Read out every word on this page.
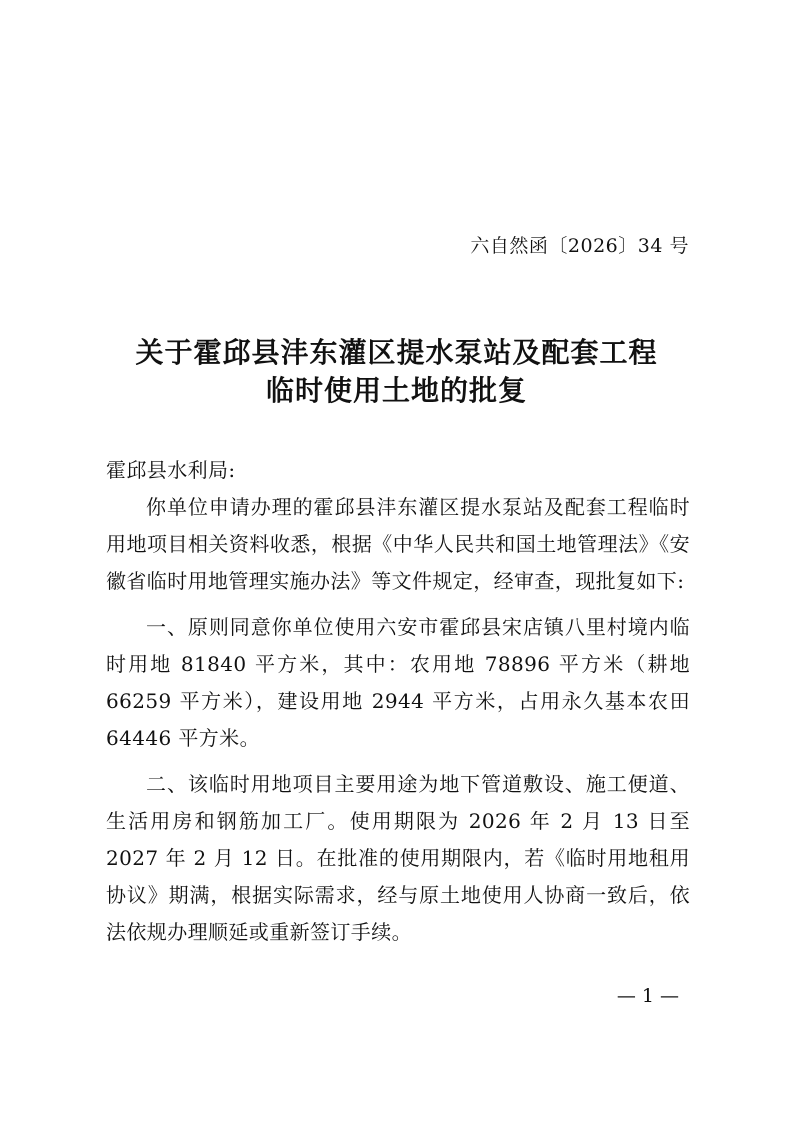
六自然函〔2026〕34 号
关于霍邱县沣东灌区提水泵站及配套工程
临时使用土地的批复

霍邱县水利局:

你单位申请办理的霍邱县沣东灌区提水泵站及配套工程临时用地项目相关资料收悉，根据《中华人民共和国土地管理法》《安徽省临时用地管理实施办法》等文件规定，经审查，现批复如下:

一、原则同意你单位使用六安市霍邱县宋店镇八里村境内临时用地 81840 平方米，其中：农用地 78896 平方米（耕地 66259 平方米），建设用地 2944 平方米，占用永久基本农田 64446 平方米。

二、该临时用地项目主要用途为地下管道敷设、施工便道、生活用房和钢筋加工厂。使用期限为 2026 年 2 月 13 日至 2027 年 2 月 12 日。在批准的使用期限内，若《临时用地租用协议》期满，根据实际需求，经与原土地使用人协商一致后，依法依规办理顺延或重新签订手续。

— 1 —
